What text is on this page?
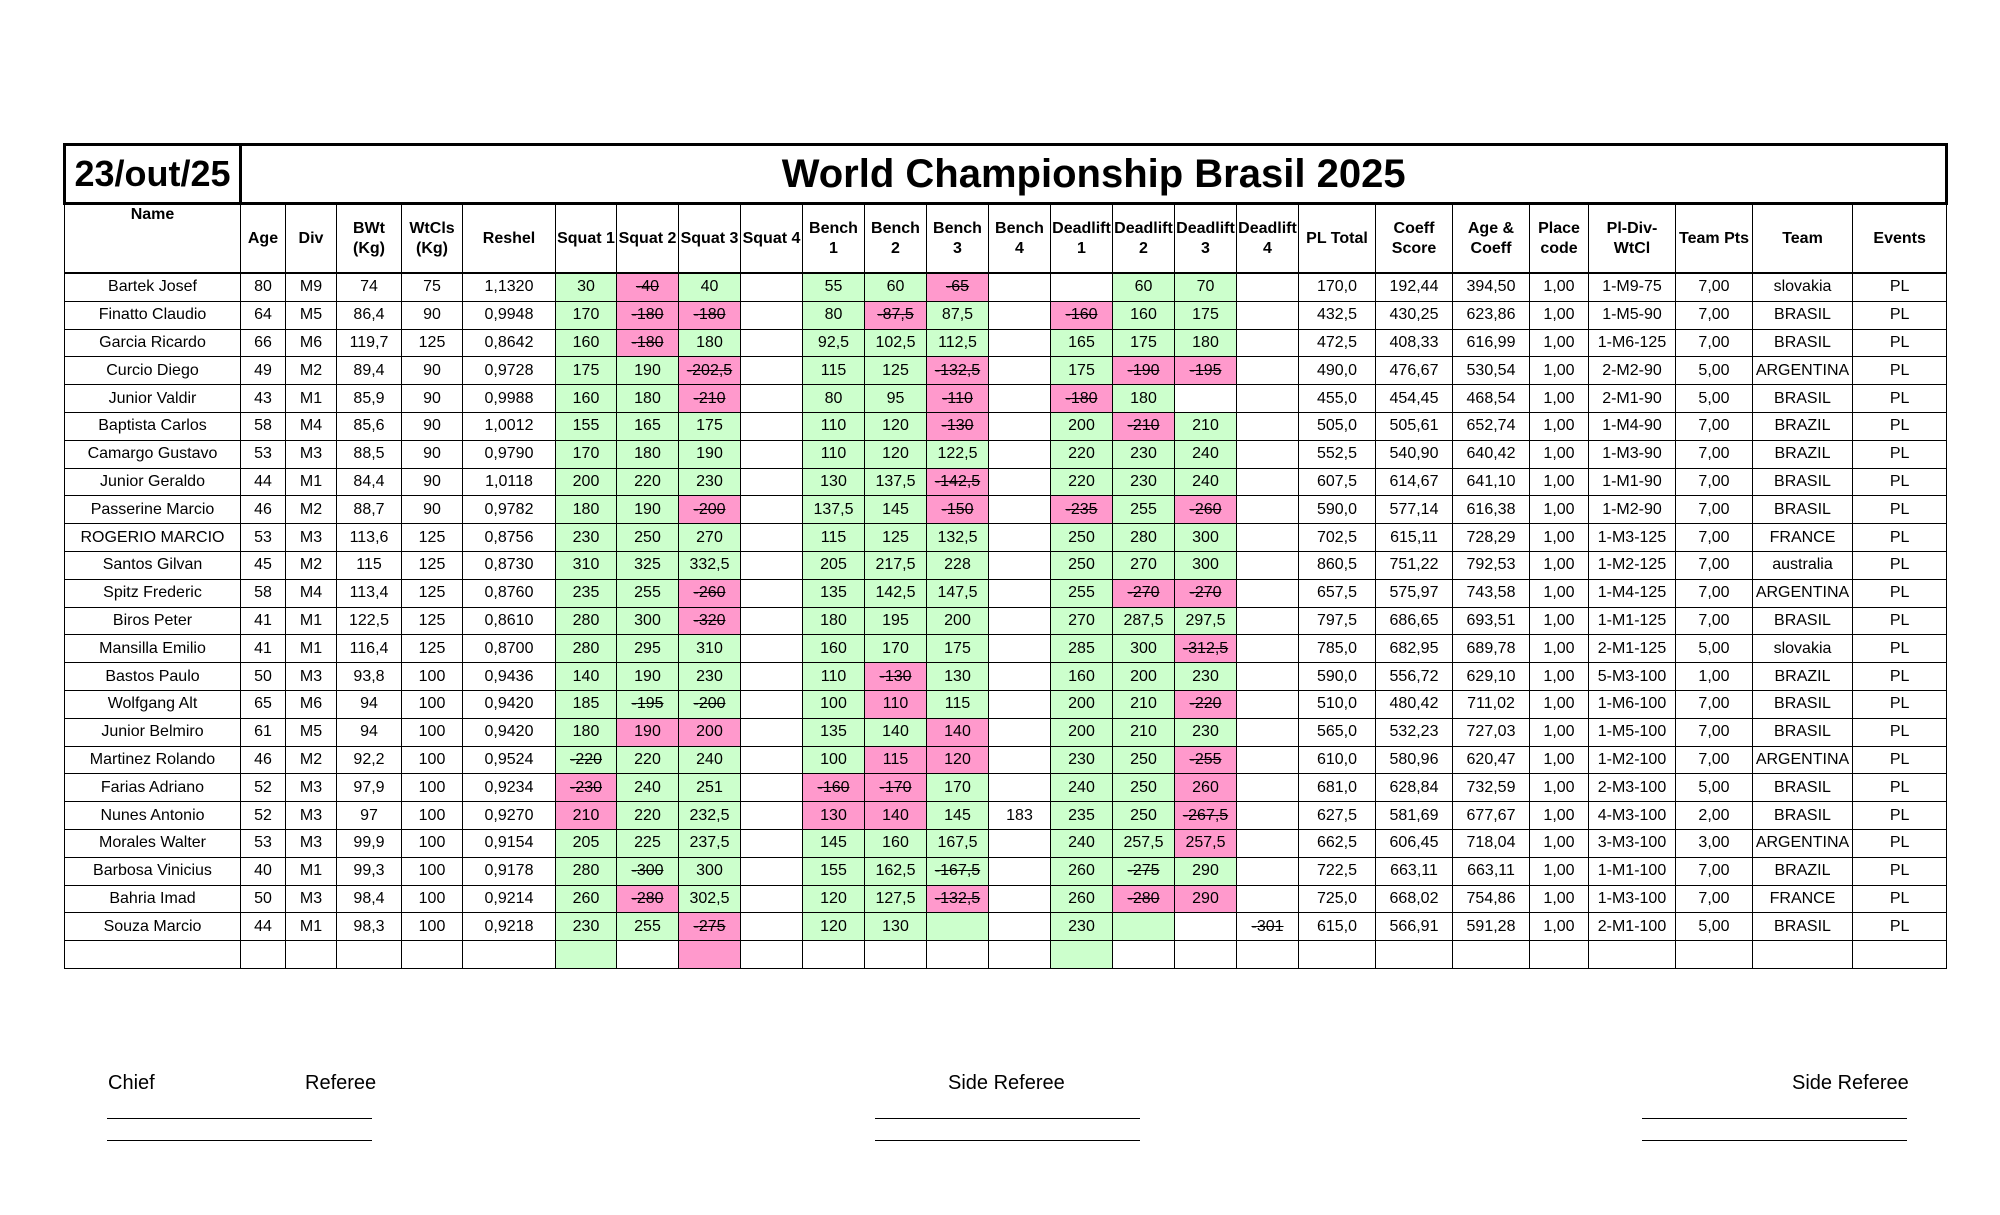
23/out/25	World Championship Brasil 2025																								
Name	Age	Div	BWt (Kg)	WtCls (Kg)	Reshel	Squat 1	Squat 2	Squat 3	Squat 4	Bench 1	Bench 2	Bench 3	Bench 4	Deadlift 1	Deadlift 2	Deadlift 3	Deadlift 4	PL Total	Coeff Score	Age & Coeff	Place code	Pl-Div-WtCl	Team Pts	Team	Events
Bartek Josef	80	M9	74	75	1,1320	30	-40	40		55	60	-65			60	70		170,0	192,44	394,50	1,00	1-M9-75	7,00	slovakia	PL
Finatto Claudio	64	M5	86,4	90	0,9948	170	-180	-180		80	-87,5	87,5		-160	160	175		432,5	430,25	623,86	1,00	1-M5-90	7,00	BRASIL	PL
Garcia Ricardo	66	M6	119,7	125	0,8642	160	-180	180		92,5	102,5	112,5		165	175	180		472,5	408,33	616,99	1,00	1-M6-125	7,00	BRASIL	PL
Curcio Diego	49	M2	89,4	90	0,9728	175	190	-202,5		115	125	-132,5		175	-190	-195		490,0	476,67	530,54	1,00	2-M2-90	5,00	ARGENTINA	PL
Junior Valdir	43	M1	85,9	90	0,9988	160	180	-210		80	95	-110		-180	180			455,0	454,45	468,54	1,00	2-M1-90	5,00	BRASIL	PL
Baptista Carlos	58	M4	85,6	90	1,0012	155	165	175		110	120	-130		200	-210	210		505,0	505,61	652,74	1,00	1-M4-90	7,00	BRAZIL	PL
Camargo Gustavo	53	M3	88,5	90	0,9790	170	180	190		110	120	122,5		220	230	240		552,5	540,90	640,42	1,00	1-M3-90	7,00	BRAZIL	PL
Junior Geraldo	44	M1	84,4	90	1,0118	200	220	230		130	137,5	-142,5		220	230	240		607,5	614,67	641,10	1,00	1-M1-90	7,00	BRASIL	PL
Passerine Marcio	46	M2	88,7	90	0,9782	180	190	-200		137,5	145	-150		-235	255	-260		590,0	577,14	616,38	1,00	1-M2-90	7,00	BRASIL	PL
ROGERIO MARCIO	53	M3	113,6	125	0,8756	230	250	270		115	125	132,5		250	280	300		702,5	615,11	728,29	1,00	1-M3-125	7,00	FRANCE	PL
Santos Gilvan	45	M2	115	125	0,8730	310	325	332,5		205	217,5	228		250	270	300		860,5	751,22	792,53	1,00	1-M2-125	7,00	australia	PL
Spitz Frederic	58	M4	113,4	125	0,8760	235	255	-260		135	142,5	147,5		255	-270	-270		657,5	575,97	743,58	1,00	1-M4-125	7,00	ARGENTINA	PL
Biros Peter	41	M1	122,5	125	0,8610	280	300	-320		180	195	200		270	287,5	297,5		797,5	686,65	693,51	1,00	1-M1-125	7,00	BRASIL	PL
Mansilla Emilio	41	M1	116,4	125	0,8700	280	295	310		160	170	175		285	300	-312,5		785,0	682,95	689,78	1,00	2-M1-125	5,00	slovakia	PL
Bastos Paulo	50	M3	93,8	100	0,9436	140	190	230		110	-130	130		160	200	230		590,0	556,72	629,10	1,00	5-M3-100	1,00	BRAZIL	PL
Wolfgang Alt	65	M6	94	100	0,9420	185	-195	-200		100	110	115		200	210	-220		510,0	480,42	711,02	1,00	1-M6-100	7,00	BRASIL	PL
Junior Belmiro	61	M5	94	100	0,9420	180	190	200		135	140	140		200	210	230		565,0	532,23	727,03	1,00	1-M5-100	7,00	BRASIL	PL
Martinez Rolando	46	M2	92,2	100	0,9524	-220	220	240		100	115	120		230	250	-255		610,0	580,96	620,47	1,00	1-M2-100	7,00	ARGENTINA	PL
Farias Adriano	52	M3	97,9	100	0,9234	-230	240	251		-160	-170	170		240	250	260		681,0	628,84	732,59	1,00	2-M3-100	5,00	BRASIL	PL
Nunes Antonio	52	M3	97	100	0,9270	210	220	232,5		130	140	145	183	235	250	-267,5		627,5	581,69	677,67	1,00	4-M3-100	2,00	BRASIL	PL
Morales Walter	53	M3	99,9	100	0,9154	205	225	237,5		145	160	167,5		240	257,5	257,5		662,5	606,45	718,04	1,00	3-M3-100	3,00	ARGENTINA	PL
Barbosa Vinicius	40	M1	99,3	100	0,9178	280	-300	300		155	162,5	-167,5		260	-275	290		722,5	663,11	663,11	1,00	1-M1-100	7,00	BRAZIL	PL
Bahria Imad	50	M3	98,4	100	0,9214	260	-280	302,5		120	127,5	-132,5		260	-280	290		725,0	668,02	754,86	1,00	1-M3-100	7,00	FRANCE	PL
Souza Marcio	44	M1	98,3	100	0,9218	230	255	-275		120	130			230			-301	615,0	566,91	591,28	1,00	2-M1-100	5,00	BRASIL	PL

Chief	Referee	Side Referee	Side Referee
